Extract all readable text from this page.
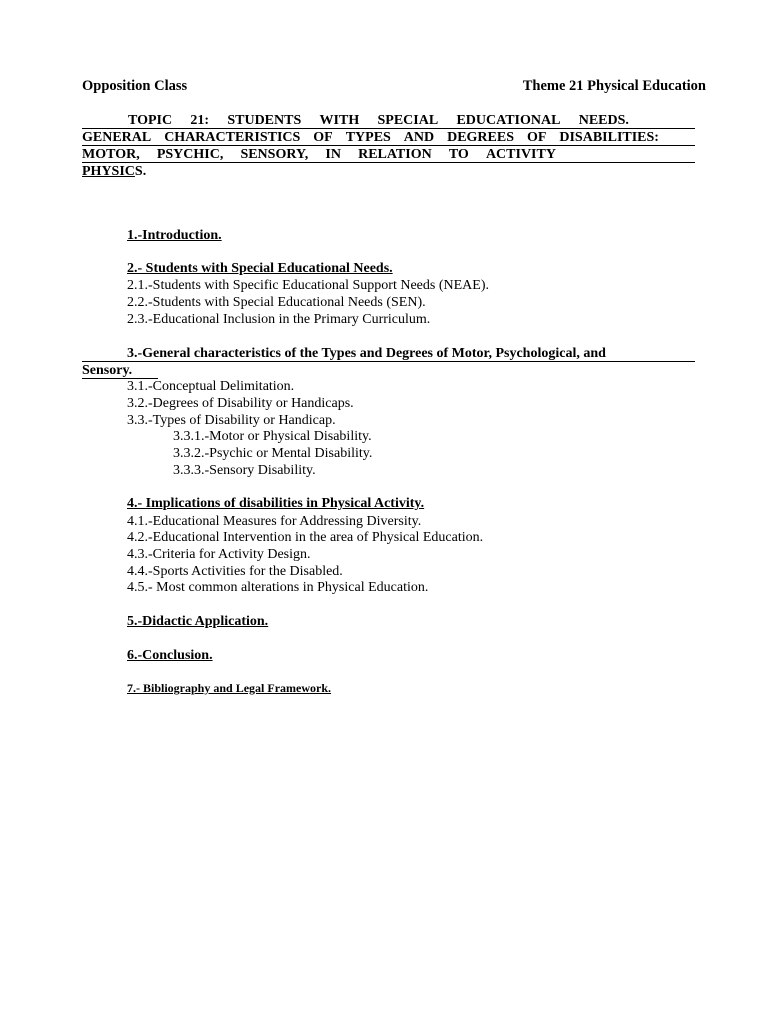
Opposition Class	Theme 21 Physical Education
TOPIC 21: STUDENTS WITH SPECIAL EDUCATIONAL NEEDS.
GENERAL CHARACTERISTICS OF TYPES AND DEGREES OF DISABILITIES:
MOTOR, PSYCHIC, SENSORY, IN RELATION TO ACTIVITY
PHYSICS.
1.-Introduction.
2.- Students with Special Educational Needs.
2.1.-Students with Specific Educational Support Needs (NEAE).
2.2.-Students with Special Educational Needs (SEN).
2.3.-Educational Inclusion in the Primary Curriculum.
3.-General characteristics of the Types and Degrees of Motor, Psychological, and
Sensory.
3.1.-Conceptual Delimitation.
3.2.-Degrees of Disability or Handicaps.
3.3.-Types of Disability or Handicap.
3.3.1.-Motor or Physical Disability.
3.3.2.-Psychic or Mental Disability.
3.3.3.-Sensory Disability.
4.- Implications of disabilities in Physical Activity.
4.1.-Educational Measures for Addressing Diversity.
4.2.-Educational Intervention in the area of Physical Education.
4.3.-Criteria for Activity Design.
4.4.-Sports Activities for the Disabled.
4.5.- Most common alterations in Physical Education.
5.-Didactic Application.
6.-Conclusion.
7.- Bibliography and Legal Framework.
